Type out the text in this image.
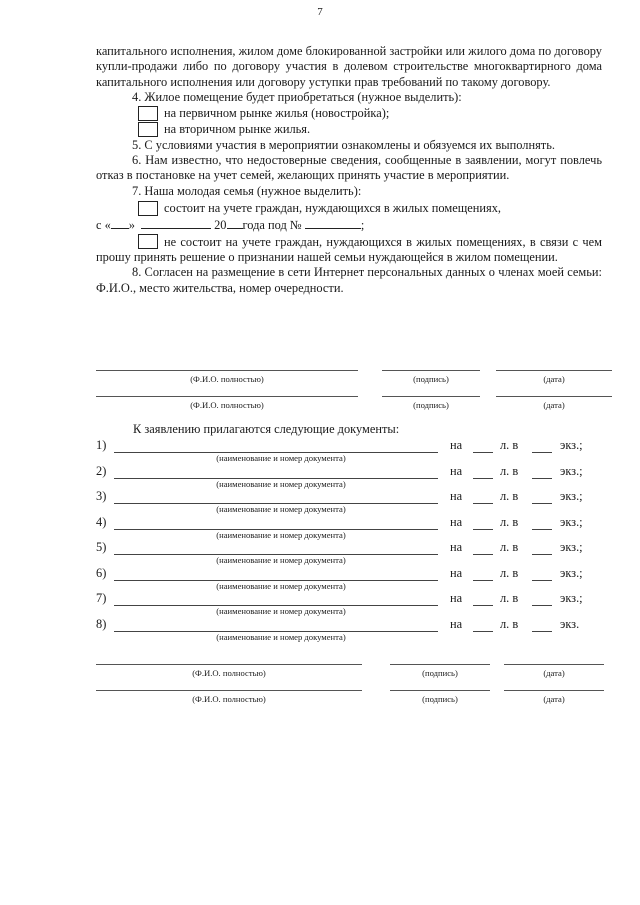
7

капитального исполнения, жилом доме блокированной застройки или жилого дома по договору купли-продажи либо по договору участия в долевом строительстве многоквартирного дома капитального исполнения или договору уступки прав требований по такому договору.

4. Жилое помещение будет приобретаться (нужное выделить):

на первичном рынке жилья (новостройка);
на вторичном рынке жилья.

5. С условиями участия в мероприятии ознакомлены и обязуемся их выполнять.

6. Нам известно, что недостоверные сведения, сообщенные в заявлении, могут повлечь отказ в постановке на учет семей, желающих принять участие в мероприятии.

7. Наша молодая семья (нужное выделить):

состоит на учете граждан, нуждающихся в жилых помещениях,

с « »	20 года под №	;

не состоит на учете граждан, нуждающихся в жилых помещениях, в связи с чем прошу принять решение о признании нашей семьи нуждающейся в жилом помещении.

8. Согласен на размещение в сети Интернет персональных данных о членах моей семьи: Ф.И.О., место жительства, номер очередности.

(Ф.И.О. полностью)	(подпись)	(дата)
(Ф.И.О. полностью)	(подпись)	(дата)
К заявлению прилагаются следующие документы:
1)
(наименование и номер документа)
на	л. в	экз.;
2)
(наименование и номер документа)
на	л. в	экз.;
3)
(наименование и номер документа)
на	л. в	экз.;
4)
(наименование и номер документа)
на	л. в	экз.;
5)
(наименование и номер документа)
на	л. в	экз.;
6)
(наименование и номер документа)
на	л. в	экз.;
7)
(наименование и номер документа)
на	л. в	экз.;
8)
(наименование и номер документа)
на	л. в	экз.
(Ф.И.О. полностью)	(подпись)	(дата)
(Ф.И.О. полностью)	(подпись)	(дата)
